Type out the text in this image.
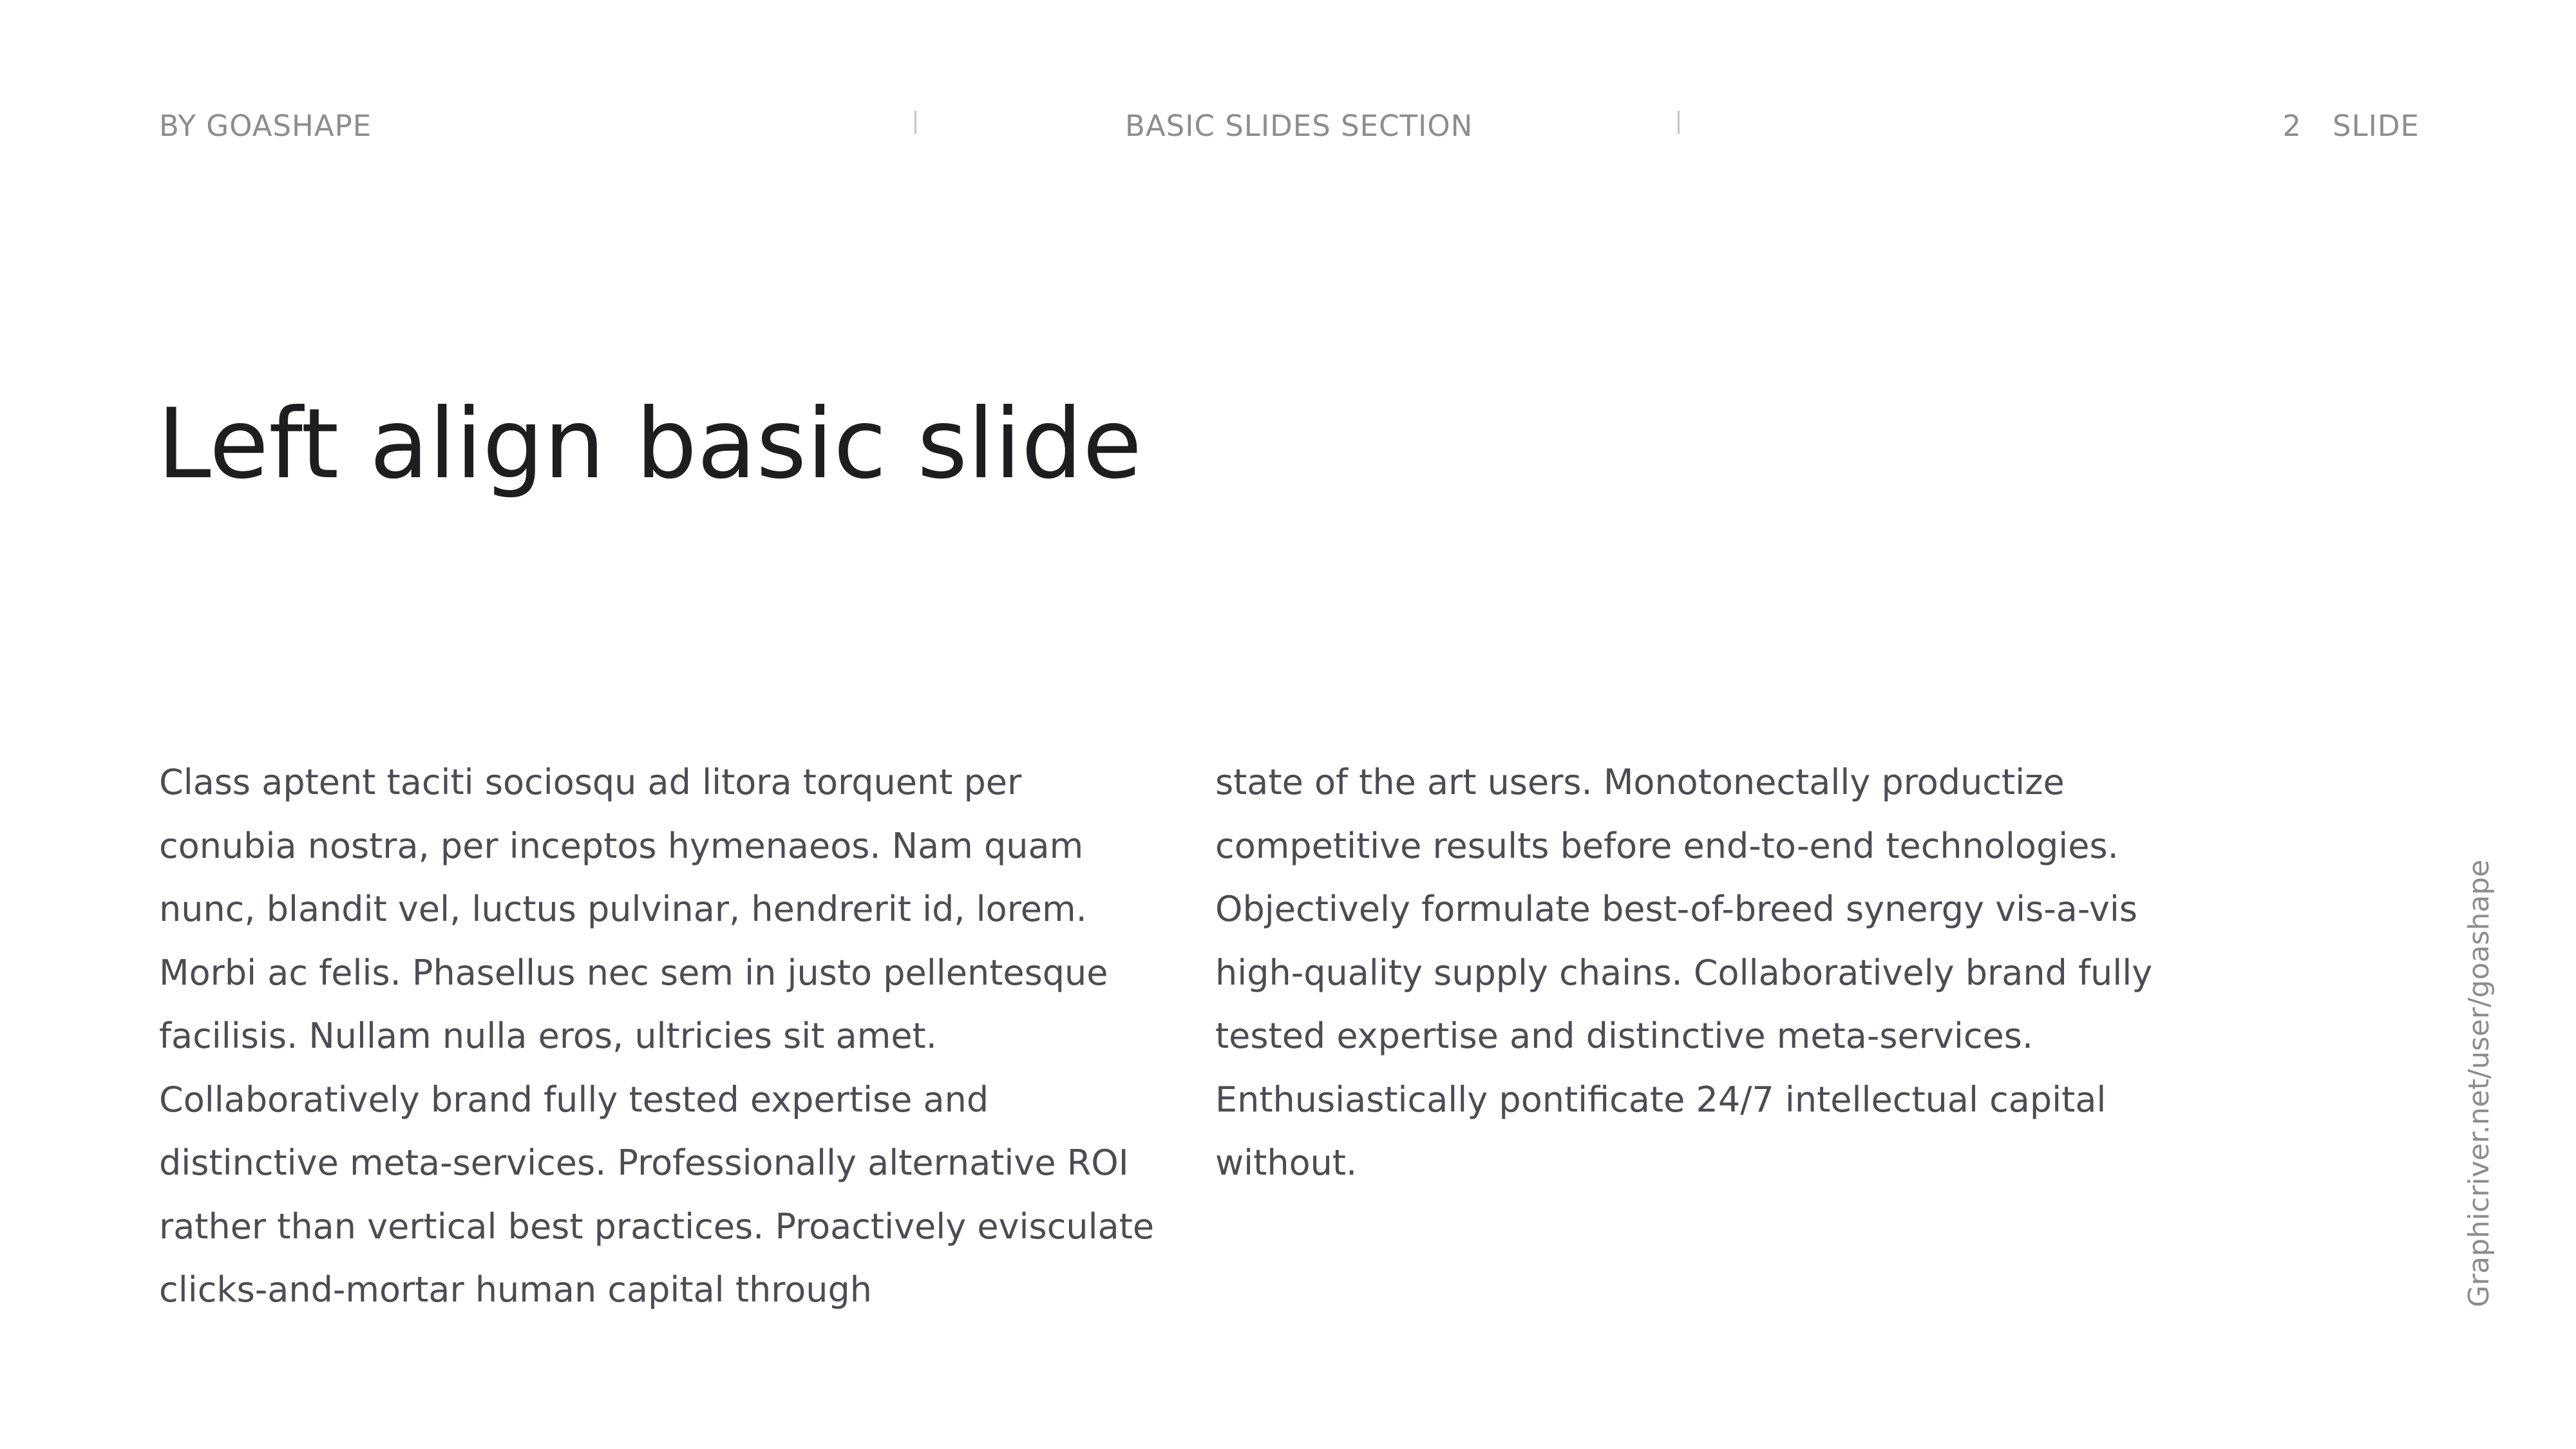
BY GOASHAPE	BASIC SLIDES SECTION	2 SLIDE
Left align basic slide

Class aptent taciti sociosqu ad litora torquent per conubia nostra, per inceptos hymenaeos. Nam quam nunc, blandit vel, luctus pulvinar, hendrerit id, lorem. Morbi ac felis. Phasellus nec sem in justo pellentesque facilisis. Nullam nulla eros, ultricies sit amet. Collaboratively brand fully tested expertise and distinctive meta-services. Professionally alternative ROI rather than vertical best practices. Proactively evisculate clicks-and-mortar human capital through

state of the art users. Monotonectally productize competitive results before end-to-end technologies. Objectively formulate best-of-breed synergy vis-a-vis high-quality supply chains. Collaboratively brand fully tested expertise and distinctive meta-services. Enthusiastically pontificate 24/7 intellectual capital without.	Graphicriver.net/user/goashape
